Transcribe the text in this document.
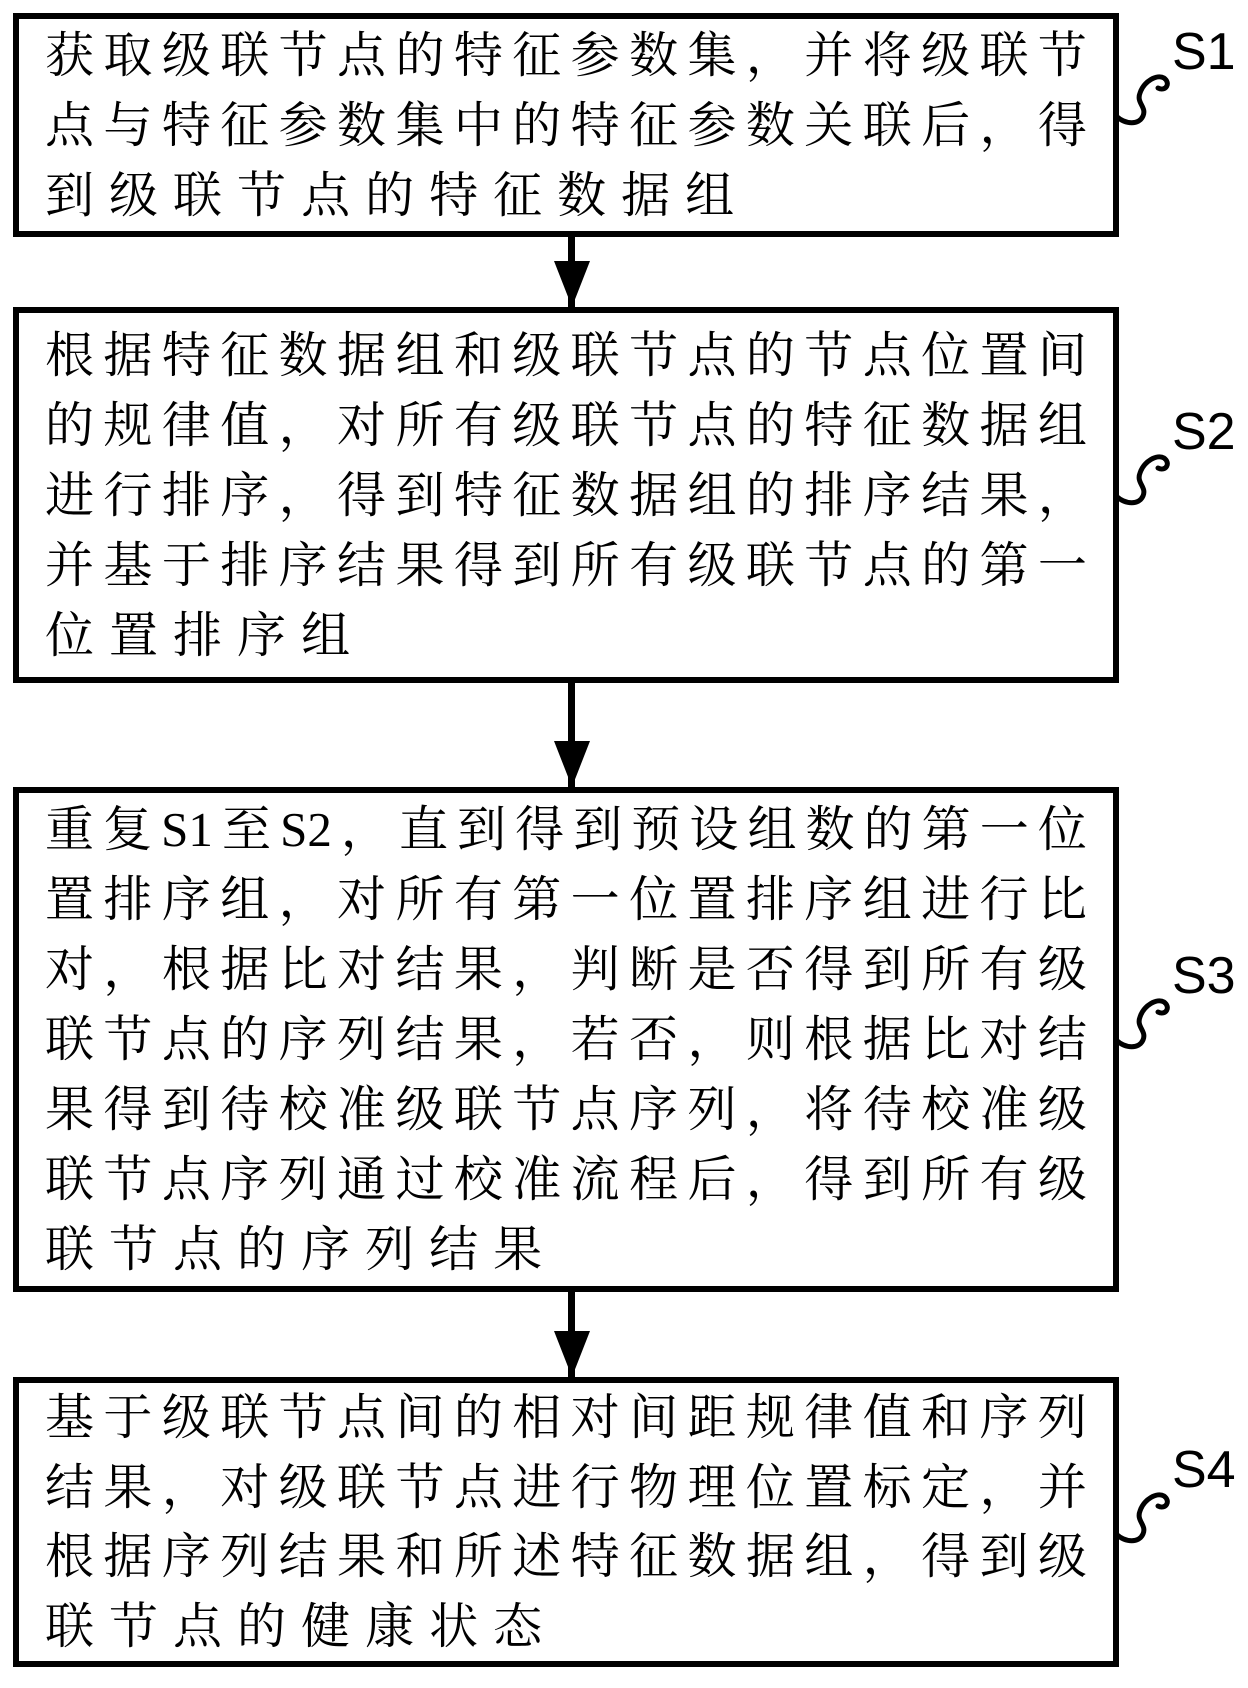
获 取 级 联 节 点 的 特 征 参 数 集 ， 并 将 级 联 节
点 与 特 征 参 数 集 中 的 特 征 参 数 关 联 后 ， 得
到 级 联 节 点 的 特 征 数 据 组
根 据 特 征 数 据 组 和 级 联 节 点 的 节 点 位 置 间
的 规 律 值 ， 对 所 有 级 联 节 点 的 特 征 数 据 组
进 行 排 序 ， 得 到 特 征 数 据 组 的 排 序 结 果 ，
并 基 于 排 序 结 果 得 到 所 有 级 联 节 点 的 第 一
位 置 排 序 组
重 复 S1 至 S2 ， 直 到 得 到 预 设 组 数 的 第 一 位
置 排 序 组 ， 对 所 有 第 一 位 置 排 序 组 进 行 比
对 ， 根 据 比 对 结 果 ， 判 断 是 否 得 到 所 有 级
联 节 点 的 序 列 结 果 ， 若 否 ， 则 根 据 比 对 结
果 得 到 待 校 准 级 联 节 点 序 列 ， 将 待 校 准 级
联 节 点 序 列 通 过 校 准 流 程 后 ， 得 到 所 有 级
联 节 点 的 序 列 结 果
基 于 级 联 节 点 间 的 相 对 间 距 规 律 值 和 序 列
结 果 ， 对 级 联 节 点 进 行 物 理 位 置 标 定 ， 并
根 据 序 列 结 果 和 所 述 特 征 数 据 组 ， 得 到 级
联 节 点 的 健 康 状 态
S1
S2
S3
S4
